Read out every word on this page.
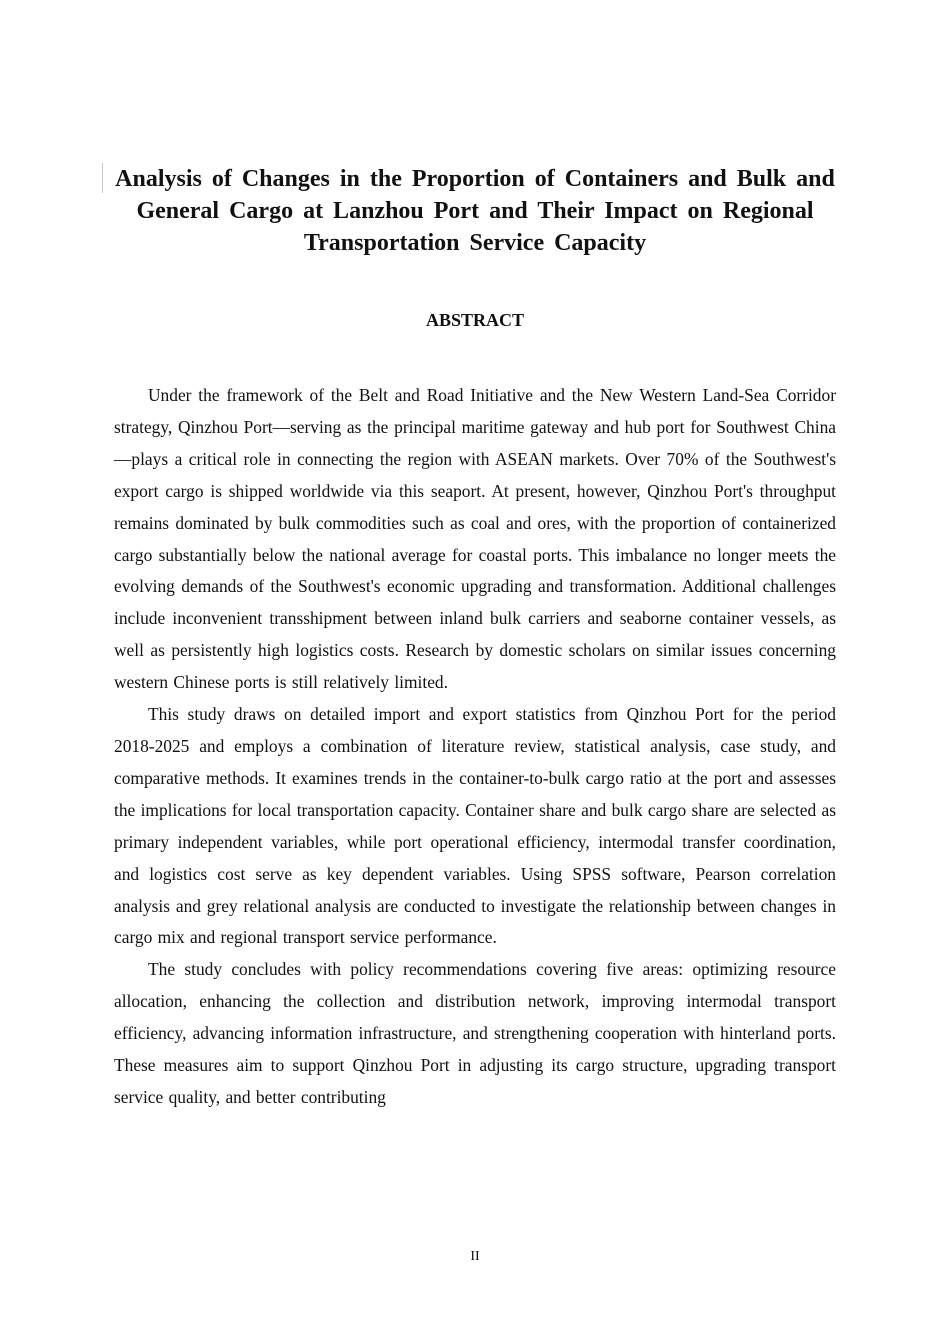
Analysis of Changes in the Proportion of Containers and Bulk and General Cargo at Lanzhou Port and Their Impact on Regional Transportation Service Capacity
ABSTRACT

Under the framework of the Belt and Road Initiative and the New Western Land‑Sea Corridor strategy, Qinzhou Port—serving as the principal maritime gateway and hub port for Southwest China—plays a critical role in connecting the region with ASEAN markets. Over 70% of the Southwest's export cargo is shipped worldwide via this seaport. At present, however, Qinzhou Port's throughput remains dominated by bulk commodities such as coal and ores, with the proportion of containerized cargo substantially below the national average for coastal ports. This imbalance no longer meets the evolving demands of the Southwest's economic upgrading and transformation. Additional challenges include inconvenient transshipment between inland bulk carriers and seaborne container vessels, as well as persistently high logistics costs. Research by domestic scholars on similar issues concerning western Chinese ports is still relatively limited.

This study draws on detailed import and export statistics from Qinzhou Port for the period 2018‑2025 and employs a combination of literature review, statistical analysis, case study, and comparative methods. It examines trends in the container-to-bulk cargo ratio at the port and assesses the implications for local transportation capacity. Container share and bulk cargo share are selected as primary independent variables, while port operational efficiency, intermodal transfer coordination, and logistics cost serve as key dependent variables. Using SPSS software, Pearson correlation analysis and grey relational analysis are conducted to investigate the relationship between changes in cargo mix and regional transport service performance.

The study concludes with policy recommendations covering five areas: optimizing resource allocation, enhancing the collection and distribution network, improving intermodal transport efficiency, advancing information infrastructure, and strengthening cooperation with hinterland ports. These measures aim to support Qinzhou Port in adjusting its cargo structure, upgrading transport service quality, and better contributing

II
